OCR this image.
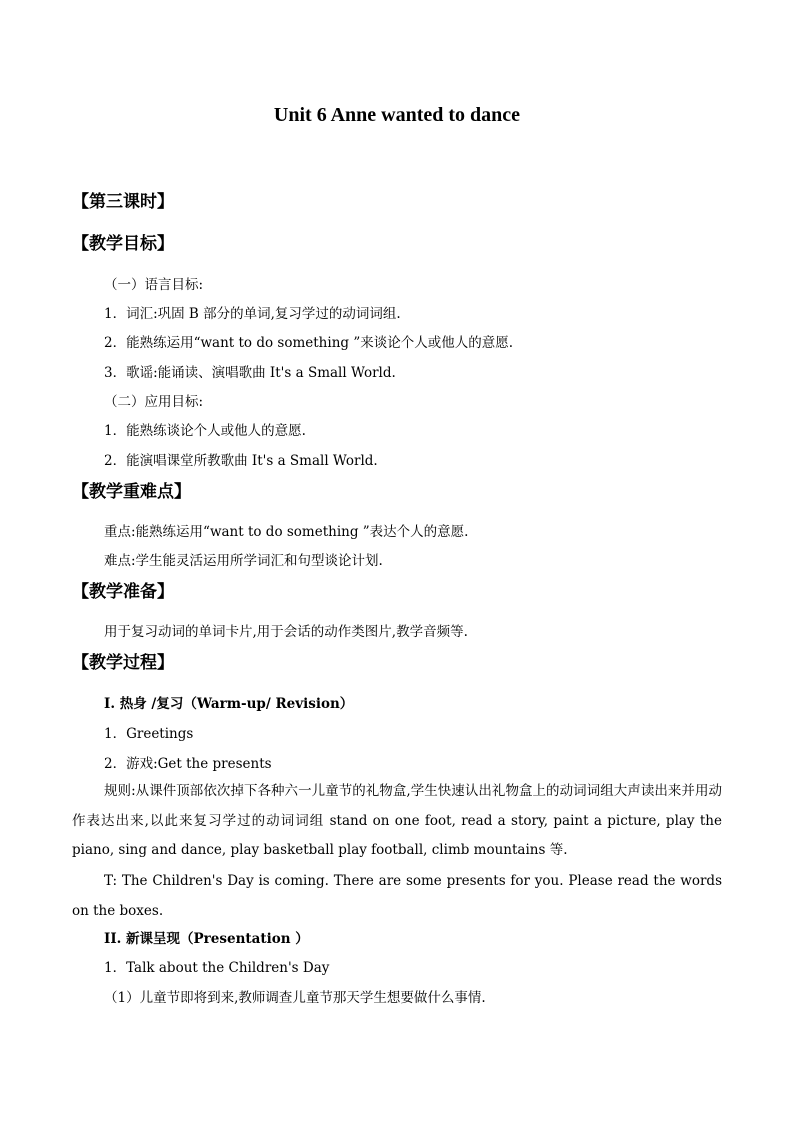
Unit 6 Anne wanted to dance
【第三课时】
【教学目标】
（一）语言目标:
1．词汇:巩固 B 部分的单词,复习学过的动词词组.
2．能熟练运用“want to do something ”来谈论个人或他人的意愿.
3．歌谣:能诵读、演唱歌曲 It's a Small World.
（二）应用目标:
1．能熟练谈论个人或他人的意愿.
2．能演唱课堂所教歌曲 It's a Small World.
【教学重难点】
重点:能熟练运用“want to do something ”表达个人的意愿.
难点:学生能灵活运用所学词汇和句型谈论计划.
【教学准备】
用于复习动词的单词卡片,用于会话的动作类图片,教学音频等.
【教学过程】
I. 热身 /复习（Warm-up/ Revision）
1．Greetings
2．游戏:Get the presents
规则:从课件顶部依次掉下各种六一儿童节的礼物盒,学生快速认出礼物盒上的动词词组大声读出来并用动作表达出来,以此来复习学过的动词词组 stand on one foot, read a story, paint a picture, play the piano, sing and dance, play basketball play football, climb mountains 等.
T: The Children's Day is coming. There are some presents for you. Please read the words on the boxes.
II. 新课呈现（Presentation ）
1．Talk about the Children's Day
（1）儿童节即将到来,教师调查儿童节那天学生想要做什么事情.
